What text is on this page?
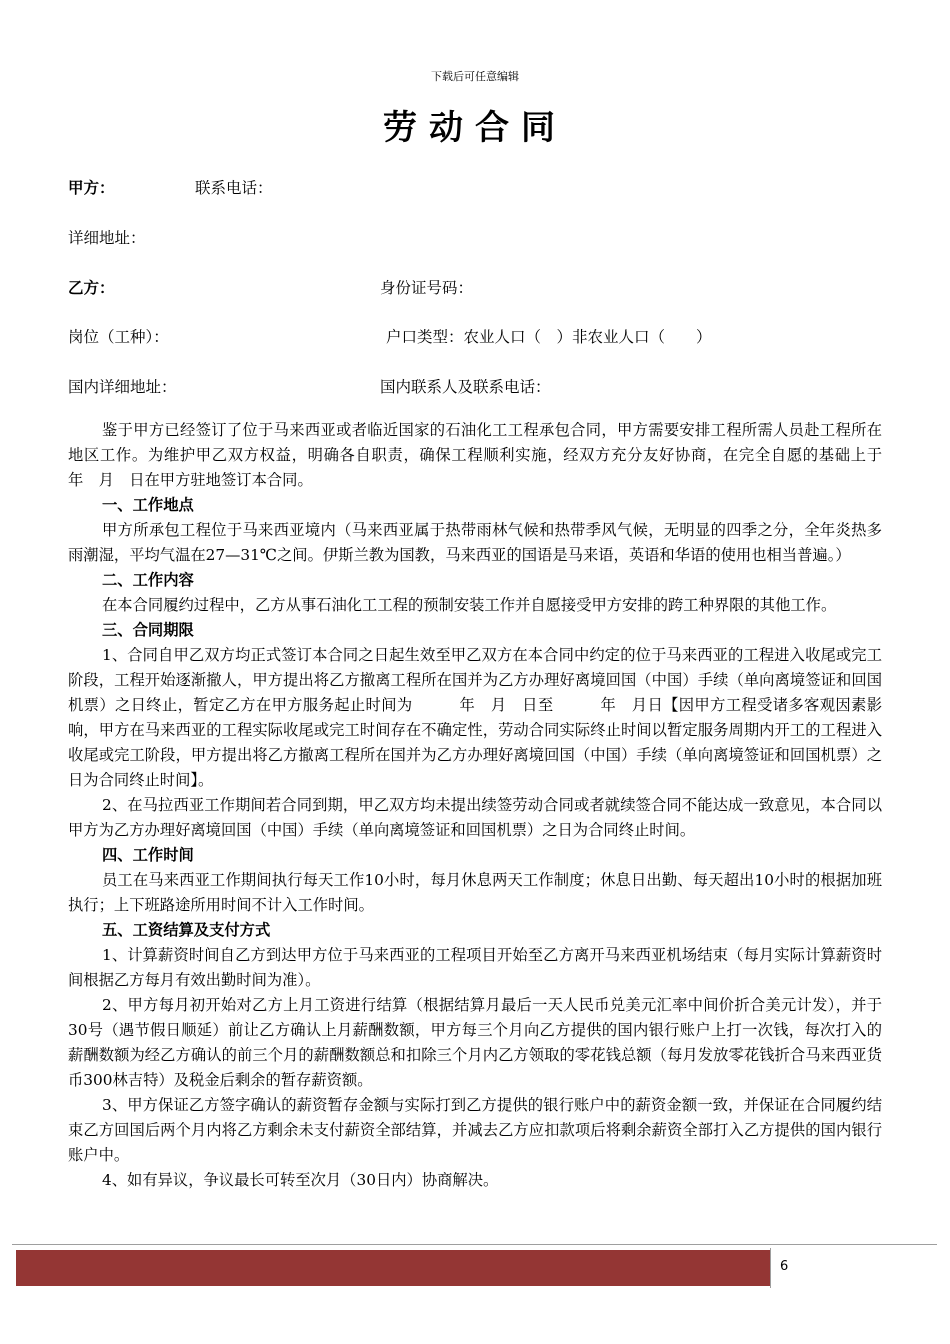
下载后可任意编辑
劳动合同
甲方：	联系电话：
详细地址：
乙方：	身份证号码：
岗位（工种）：	户口类型：农业人口（　）非农业人口（　　）
国内详细地址：	国内联系人及联系电话：

鉴于甲方已经签订了位于马来西亚或者临近国家的石油化工工程承包合同，甲方需要安排工程所需人员赴工程所在地区工作。为维护甲乙双方权益，明确各自职责，确保工程顺利实施，经双方充分友好协商，在完全自愿的基础上于　　　年　月　日在甲方驻地签订本合同。

一、工作地点

甲方所承包工程位于马来西亚境内（马来西亚属于热带雨林气候和热带季风气候，无明显的四季之分，全年炎热多雨潮湿，平均气温在27—31℃之间。伊斯兰教为国教，马来西亚的国语是马来语，英语和华语的使用也相当普遍。）

二、工作内容

在本合同履约过程中，乙方从事石油化工工程的预制安装工作并自愿接受甲方安排的跨工种界限的其他工作。

三、合同期限

1、合同自甲乙双方均正式签订本合同之日起生效至甲乙双方在本合同中约定的位于马来西亚的工程进入收尾或完工阶段，工程开始逐渐撤人，甲方提出将乙方撤离工程所在国并为乙方办理好离境回国（中国）手续（单向离境签证和回国机票）之日终止，暂定乙方在甲方服务起止时间为　　　年　月　日至　　　年　月日【因甲方工程受诸多客观因素影响，甲方在马来西亚的工程实际收尾或完工时间存在不确定性，劳动合同实际终止时间以暂定服务周期内开工的工程进入收尾或完工阶段，甲方提出将乙方撤离工程所在国并为乙方办理好离境回国（中国）手续（单向离境签证和回国机票）之日为合同终止时间】。

2、在马拉西亚工作期间若合同到期，甲乙双方均未提出续签劳动合同或者就续签合同不能达成一致意见，本合同以甲方为乙方办理好离境回国（中国）手续（单向离境签证和回国机票）之日为合同终止时间。

四、工作时间

员工在马来西亚工作期间执行每天工作10小时，每月休息两天工作制度；休息日出勤、每天超出10小时的根据加班执行；上下班路途所用时间不计入工作时间。

五、工资结算及支付方式

1、计算薪资时间自乙方到达甲方位于马来西亚的工程项目开始至乙方离开马来西亚机场结束（每月实际计算薪资时间根据乙方每月有效出勤时间为准）。

2、甲方每月初开始对乙方上月工资进行结算（根据结算月最后一天人民币兑美元汇率中间价折合美元计发），并于30号（遇节假日顺延）前让乙方确认上月薪酬数额，甲方每三个月向乙方提供的国内银行账户上打一次钱，每次打入的薪酬数额为经乙方确认的前三个月的薪酬数额总和扣除三个月内乙方领取的零花钱总额（每月发放零花钱折合马来西亚货币300林吉特）及税金后剩余的暂存薪资额。

3、甲方保证乙方签字确认的薪资暂存金额与实际打到乙方提供的银行账户中的薪资金额一致，并保证在合同履约结束乙方回国后两个月内将乙方剩余未支付薪资全部结算，并减去乙方应扣款项后将剩余薪资全部打入乙方提供的国内银行账户中。

4、如有异议，争议最长可转至次月（30日内）协商解决。

6
